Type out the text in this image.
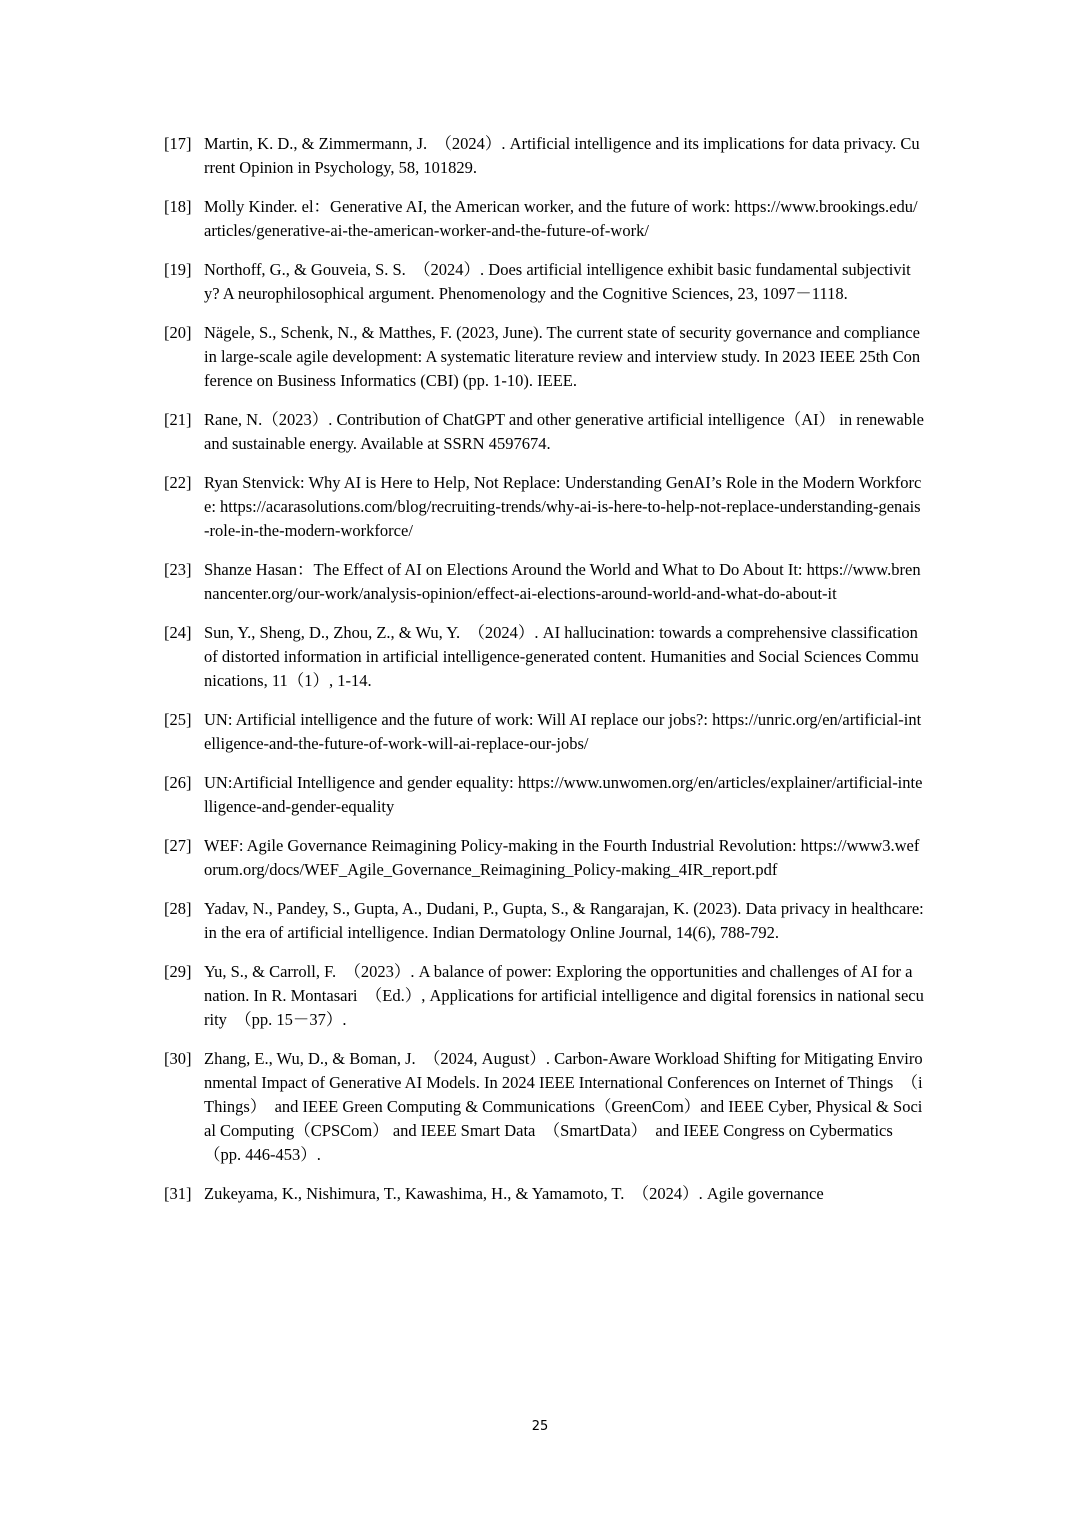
[17] Martin, K. D., & Zimmermann, J.　（2024）. Artificial intelligence and its implications for data privacy. Current Opinion in Psychology, 58, 101829.
[18] Molly Kinder. el：Generative AI, the American worker, and the future of work: https://www.brookings.edu/articles/generative-ai-the-american-worker-and-the-future-of-work/
[19] Northoff, G., & Gouveia, S. S.　（2024）. Does artificial intelligence exhibit basic fundamental subjectivity? A neurophilosophical argument. Phenomenology and the Cognitive Sciences, 23, 1097－1118.
[20] Nägele, S., Schenk, N., & Matthes, F. (2023, June). The current state of security governance and compliance in large-scale agile development: A systematic literature review and interview study. In 2023 IEEE 25th Conference on Business Informatics (CBI) (pp. 1-10). IEEE.
[21] Rane, N.（2023）. Contribution of ChatGPT and other generative artificial intelligence（AI） in renewable and sustainable energy. Available at SSRN 4597674.
[22] Ryan Stenvick: Why AI is Here to Help, Not Replace: Understanding GenAI’s Role in the Modern Workforce: https://acarasolutions.com/blog/recruiting-trends/why-ai-is-here-to-help-not-replace-understanding-genais-role-in-the-modern-workforce/
[23] Shanze Hasan：The Effect of AI on Elections Around the World and What to Do About It: https://www.brennancenter.org/our-work/analysis-opinion/effect-ai-elections-around-world-and-what-do-about-it
[24] Sun, Y., Sheng, D., Zhou, Z., & Wu, Y.　（2024）. AI hallucination: towards a comprehensive classification of distorted information in artificial intelligence-generated content. Humanities and Social Sciences Communications, 11（1）, 1-14.
[25] UN: Artificial intelligence and the future of work: Will AI replace our jobs?: https://unric.org/en/artificial-intelligence-and-the-future-of-work-will-ai-replace-our-jobs/
[26] UN:Artificial Intelligence and gender equality: https://www.unwomen.org/en/articles/explainer/artificial-intelligence-and-gender-equality
[27] WEF: Agile Governance Reimagining Policy-making in the Fourth Industrial Revolution: https://www3.weforum.org/docs/WEF_Agile_Governance_Reimagining_Policy-making_4IR_report.pdf
[28] Yadav, N., Pandey, S., Gupta, A., Dudani, P., Gupta, S., & Rangarajan, K. (2023). Data privacy in healthcare: in the era of artificial intelligence. Indian Dermatology Online Journal, 14(6), 788-792.
[29] Yu, S., & Carroll, F.　（2023）. A balance of power: Exploring the opportunities and challenges of AI for a nation. In R. Montasari　（Ed.）, Applications for artificial intelligence and digital forensics in national security　（pp. 15－37）.
[30] Zhang, E., Wu, D., & Boman, J.　（2024, August）. Carbon-Aware Workload Shifting for Mitigating Environmental Impact of Generative AI Models. In 2024 IEEE International Conferences on Internet of Things　（iThings）　and IEEE Green Computing & Communications（GreenCom）and IEEE Cyber, Physical & Social Computing（CPSCom） and IEEE Smart Data　（SmartData）　and IEEE Congress on Cybermatics　（pp. 446-453）.
[31] Zukeyama, K., Nishimura, T., Kawashima, H., & Yamamoto, T.　（2024）. Agile governance
25
